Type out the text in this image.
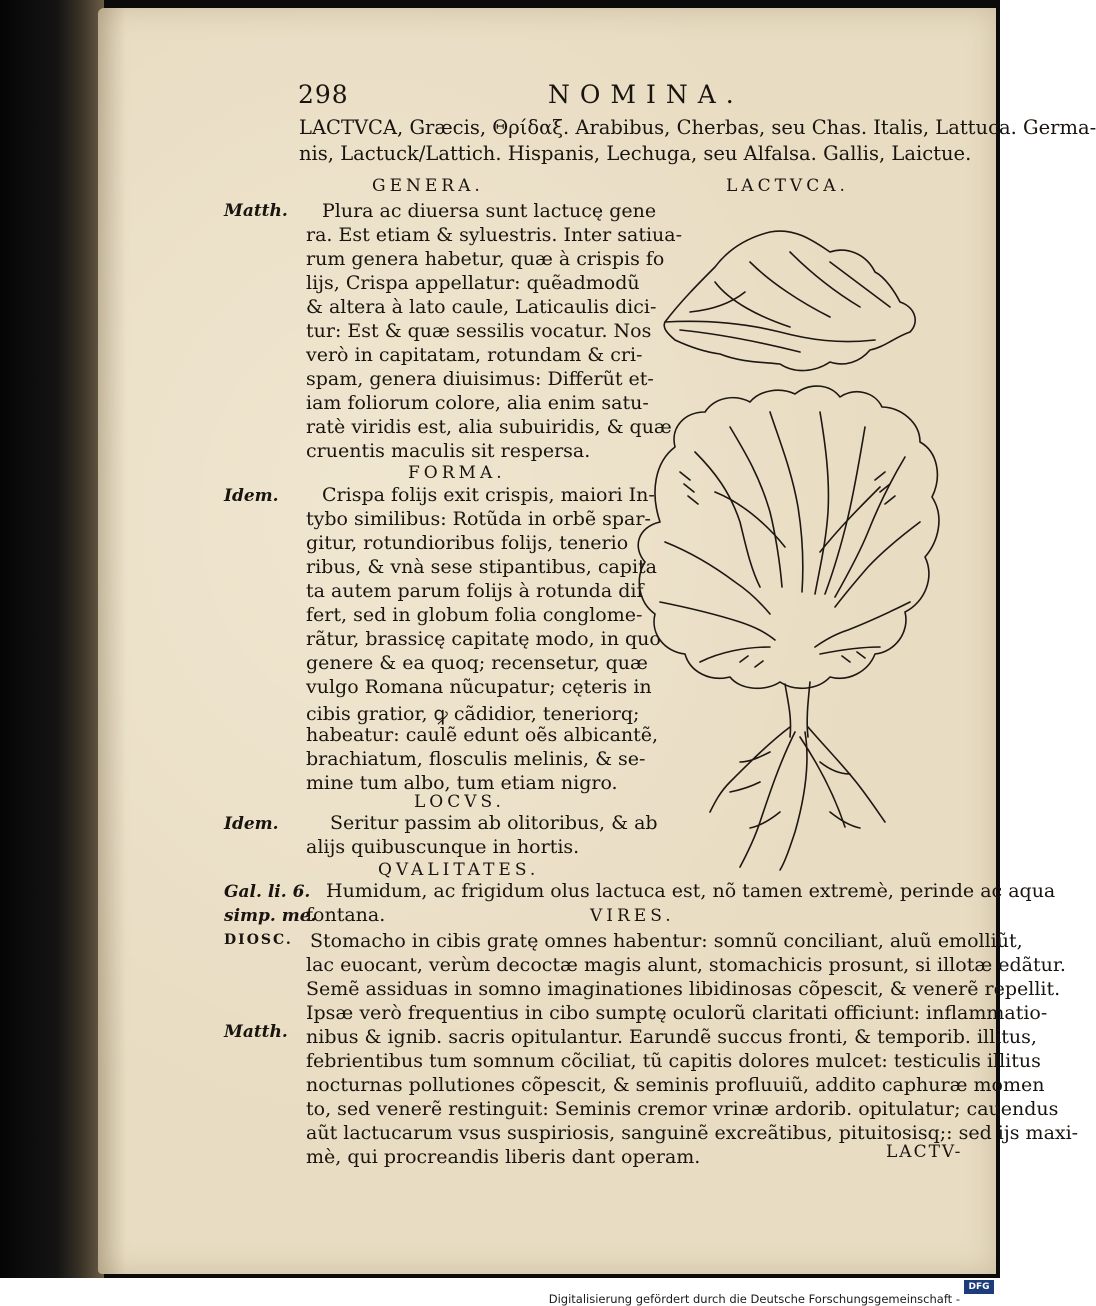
298	NOMINA.

LACTVCA, Græcis, Θρίδαξ. Arabibus, Cherbas, seu Chas. Italis, Lattuca. Germa-

nis, Lactuck/Lattich. Hispanis, Lechuga, seu Alfalsa. Gallis, Laictue.

GENERA.	LACTVCA.

Matth. Plura ac diuersa sunt lactucę gene

ra. Est etiam & syluestris. Inter satiua-

rum genera habetur, quæ à crispis fo

lijs, Crispa appellatur: quẽadmodũ

& altera à lato caule, Laticaulis dici-

tur: Est & quæ sessilis vocatur. Nos

verò in capitatam, rotundam & cri-

spam, genera diuisimus: Differũt et-

iam foliorum colore, alia enim satu-

ratè viridis est, alia subuiridis, & quæ

cruentis maculis sit respersa.

FORMA.

Idem. Crispa folijs exit crispis, maiori In-

tybo similibus: Rotũda in orbẽ spar-

gitur, rotundioribus folijs, tenerio

ribus, & vnà sese stipantibus, capita

ta autem parum folijs à rotunda dif

fert, sed in globum folia conglome-

rãtur, brassicę capitatę modo, in quo

genere & ea quoq; recensetur, quæ

vulgo Romana nũcupatur; cęteris in

cibis gratior, ꝙ cãdidior, teneriorq;

habeatur: caulẽ edunt oẽs albicantẽ,

brachiatum, flosculis melinis, & se-

mine tum albo, tum etiam nigro.

LOCVS.

Idem.	Seritur passim ab olitoribus, & ab

alijs quibuscunque in hortis.

QVALITATES.

Gal. li. 6.

simp. me.

Humidum, ac frigidum olus lactuca est, nõ tamen extremè, perinde ac aqua

fontana.	VIRES.

DIOSC.

Matth.

Stomacho in cibis gratę omnes habentur: somnũ conciliant, aluũ emolliũt,

lac euocant, verùm decoctæ magis alunt, stomachicis prosunt, si illotæ edãtur.

Semẽ assiduas in somno imaginationes libidinosas cõpescit, & venerẽ repellit.

Ipsæ verò frequentius in cibo sumptę oculorũ claritati officiunt: inflammatio-

nibus & ignib. sacris opitulantur. Earundẽ succus fronti, & temporib. illitus,

febrientibus tum somnum cõciliat, tũ capitis dolores mulcet: testiculis illitus

nocturnas pollutiones cõpescit, & seminis profluuiũ, addito caphuræ momen

to, sed venerẽ restinguit: Seminis cremor vrinæ ardorib. opitulatur; cauendus

aũt lactucarum vsus suspiriosis, sanguinẽ excreãtibus, pituitosisq;: sed ijs maxi-

mè, qui procreandis liberis dant operam.	LACTV-

Digitalisierung gefördert durch die Deutsche Forschungsgemeinschaft -

DFG
